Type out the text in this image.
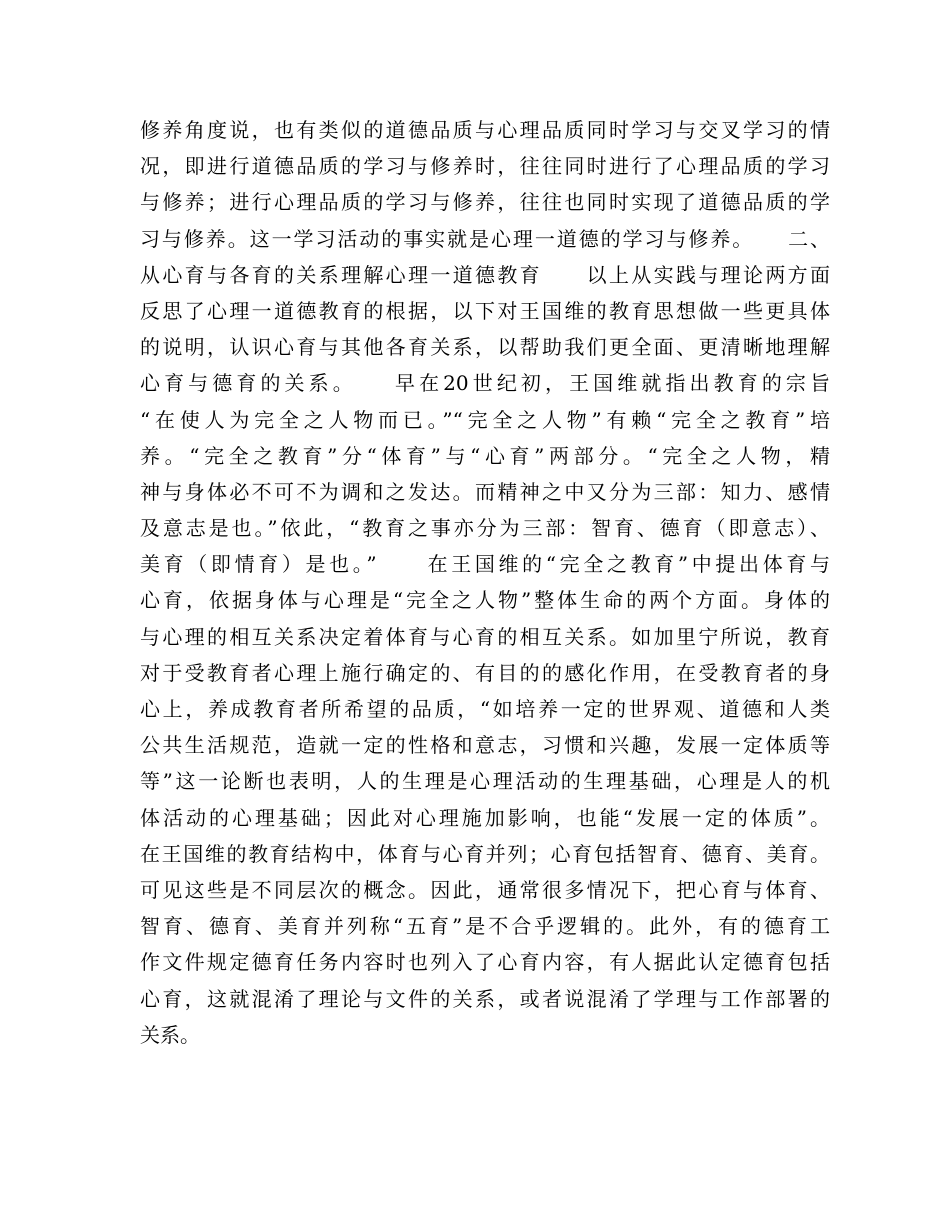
修养角度说，也有类似的道德品质与心理品质同时学习与交叉学习的情
况，即进行道德品质的学习与修养时，往往同时进行了心理品质的学习
与修养；进行心理品质的学习与修养，往往也同时实现了道德品质的学
习与修养。这一学习活动的事实就是心理一道德的学习与修养。　　二、
从心育与各育的关系理解心理一道德教育　　以上从实践与理论两方面
反思了心理一道德教育的根据，以下对王国维的教育思想做一些更具体
的说明，认识心育与其他各育关系，以帮助我们更全面、更清晰地理解
心育与德育的关系。　　早在20世纪初，王国维就指出教育的宗旨
“在使人为完全之人物而已。”“完全之人物”有赖“完全之教育”培
养。“完全之教育”分“体育”与“心育”两部分。“完全之人物，精
神与身体必不可不为调和之发达。而精神之中又分为三部：知力、感情
及意志是也。”依此，“教育之事亦分为三部：智育、德育（即意志）、
美育（即情育）是也。”　　在王国维的“完全之教育”中提出体育与
心育，依据身体与心理是“完全之人物”整体生命的两个方面。身体的
与心理的相互关系决定着体育与心育的相互关系。如加里宁所说，教育
对于受教育者心理上施行确定的、有目的的感化作用，在受教育者的身
心上，养成教育者所希望的品质，“如培养一定的世界观、道德和人类
公共生活规范，造就一定的性格和意志，习惯和兴趣，发展一定体质等
等”这一论断也表明，人的生理是心理活动的生理基础，心理是人的机
体活动的心理基础；因此对心理施加影响，也能“发展一定的体质”。
在王国维的教育结构中，体育与心育并列；心育包括智育、德育、美育。
可见这些是不同层次的概念。因此，通常很多情况下，把心育与体育、
智育、德育、美育并列称“五育”是不合乎逻辑的。此外，有的德育工
作文件规定德育任务内容时也列入了心育内容，有人据此认定德育包括
心育，这就混淆了理论与文件的关系，或者说混淆了学理与工作部署的
关系。
